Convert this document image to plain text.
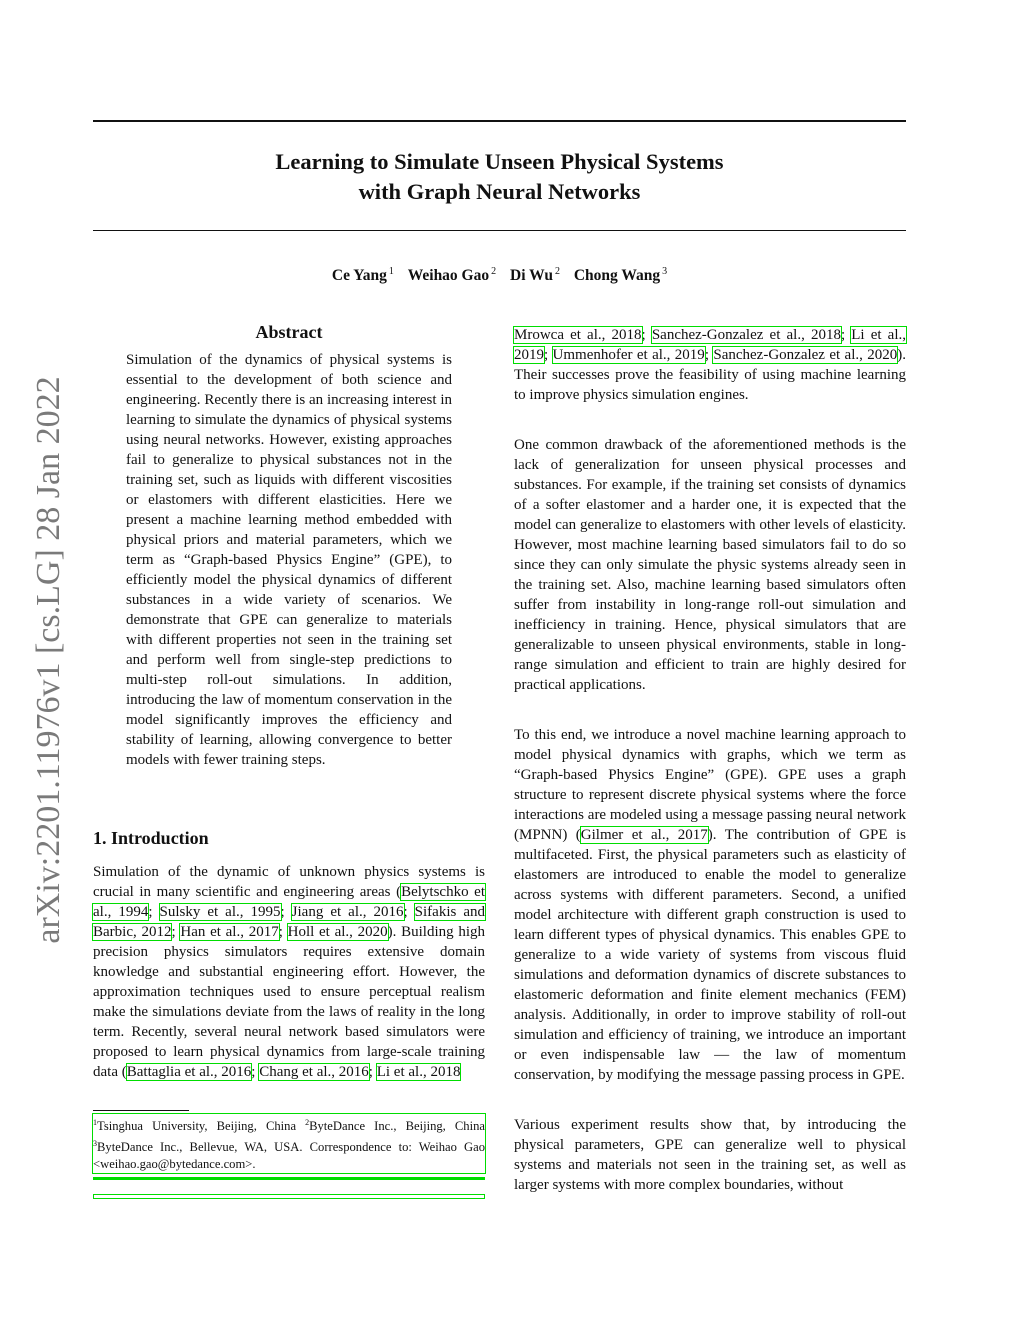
arXiv:2201.11976v1 [cs.LG] 28 Jan 2022
Learning to Simulate Unseen Physical Systems
with Graph Neural Networks
Ce Yang $^1$ Weihao Gao $^2$ Di Wu $^2$ Chong Wang $^3$
Abstract
Simulation of the dynamics of physical systems is essential to the development of both science and engineering. Recently there is an increasing interest in learning to simulate the dynamics of physical systems using neural networks. However, existing approaches fail to generalize to physical substances not in the training set, such as liquids with different viscosities or elastomers with different elasticities. Here we present a machine learning method embedded with physical priors and material parameters, which we term as “Graph-based Physics Engine” (GPE), to efficiently model the physical dynamics of different substances in a wide variety of scenarios. We demonstrate that GPE can generalize to materials with different properties not seen in the training set and perform well from single-step predictions to multi-step roll-out simulations. In addition, introducing the law of momentum conservation in the model significantly improves the efficiency and stability of learning, allowing convergence to better models with fewer training steps.
1. Introduction

Simulation of the dynamic of unknown physics systems is crucial in many scientific and engineering areas (Belytschko et al., 1994; Sulsky et al., 1995; Jiang et al., 2016; Sifakis and Barbic, 2012; Han et al., 2017; Holl et al., 2020). Building high precision physics simulators requires extensive domain knowledge and substantial engineering effort. However, the approximation techniques used to ensure perceptual realism make the simulations deviate from the laws of reality in the long term. Recently, several neural network based simulators were proposed to learn physical dynamics from large-scale training data (Battaglia et al., 2016; Chang et al., 2016; Li et al., 2018

$^1$Tsinghua University, Beijing, China $^2$ByteDance Inc., Beijing, China $^3$ByteDance Inc., Bellevue, WA, USA. Correspondence to: Weihao Gao <weihao.gao@bytedance.com>.

Mrowca et al., 2018; Sanchez-Gonzalez et al., 2018; Li et al., 2019; Ummenhofer et al., 2019; Sanchez-Gonzalez et al., 2020). Their successes prove the feasibility of using machine learning to improve physics simulation engines.

One common drawback of the aforementioned methods is the lack of generalization for unseen physical processes and substances. For example, if the training set consists of dynamics of a softer elastomer and a harder one, it is expected that the model can generalize to elastomers with other levels of elasticity. However, most machine learning based simulators fail to do so since they can only simulate the physic systems already seen in the training set. Also, machine learning based simulators often suffer from instability in long-range roll-out simulation and inefficiency in training. Hence, physical simulators that are generalizable to unseen physical environments, stable in long-range simulation and efficient to train are highly desired for practical applications.

To this end, we introduce a novel machine learning approach to model physical dynamics with graphs, which we term as “Graph-based Physics Engine” (GPE). GPE uses a graph structure to represent discrete physical systems where the force interactions are modeled using a message passing neural network (MPNN) (Gilmer et al., 2017). The contribution of GPE is multifaceted. First, the physical parameters such as elasticity of elastomers are introduced to enable the model to generalize across systems with different parameters. Second, a unified model architecture with different graph construction is used to learn different types of physical dynamics. This enables GPE to generalize to a wide variety of systems from viscous fluid simulations and deformation dynamics of discrete substances to elastomeric deformation and finite element mechanics (FEM) analysis. Additionally, in order to improve stability of roll-out simulation and efficiency of training, we introduce an important or even indispensable law — the law of momentum conservation, by modifying the message passing process in GPE.

Various experiment results show that, by introducing the physical parameters, GPE can generalize well to physical systems and materials not seen in the training set, as well as larger systems with more complex boundaries, without
